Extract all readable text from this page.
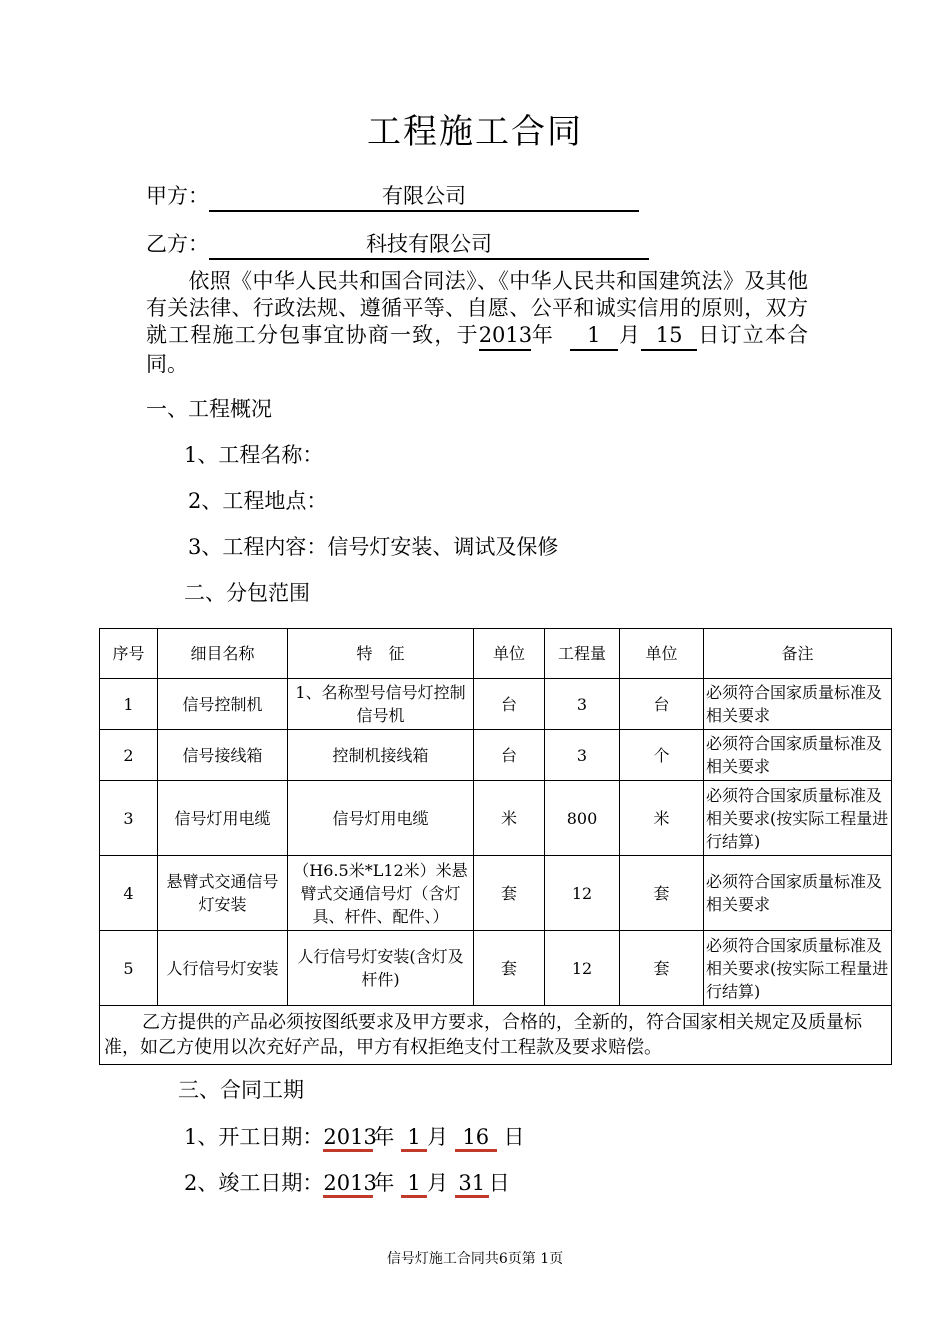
工程施工合同
甲方：	有限公司
乙方：	科技有限公司
依照《中华人民共和国合同法》、《中华人民共和国建筑法》及其他有关法律、行政法规、遵循平等、自愿、公平和诚实信用的原则，双方就工程施工分包事宜协商一致，于2013年 1 月 15 日订立本合同。
一、工程概况
1、工程名称：
2、工程地点：
3、工程内容：信号灯安装、调试及保修
二、分包范围
序号	细目名称	特　征	单位	工程量	单位	备注
1	信号控制机	1、名称型号信号灯控制信号机	台	3	台	必须符合国家质量标准及相关要求
2	信号接线箱	控制机接线箱	台	3	个	必须符合国家质量标准及相关要求
3	信号灯用电缆	信号灯用电缆	米	800	米	必须符合国家质量标准及相关要求(按实际工程量进行结算)
4	悬臂式交通信号灯安装	（H6.5米*L12米）米悬臂式交通信号灯（含灯具、杆件、配件、）	套	12	套	必须符合国家质量标准及相关要求
5	人行信号灯安装	人行信号灯安装(含灯及杆件)	套	12	套	必须符合国家质量标准及相关要求(按实际工程量进行结算)
乙方提供的产品必须按图纸要求及甲方要求，合格的，全新的，符合国家相关规定及质量标准，如乙方使用以次充好产品，甲方有权拒绝支付工程款及要求赔偿。						
三、合同工期
1、开工日期：2013年 1 月 16 日
2、竣工日期：2013年 1 月 31 日
信号灯施工合同共6页第 1页
